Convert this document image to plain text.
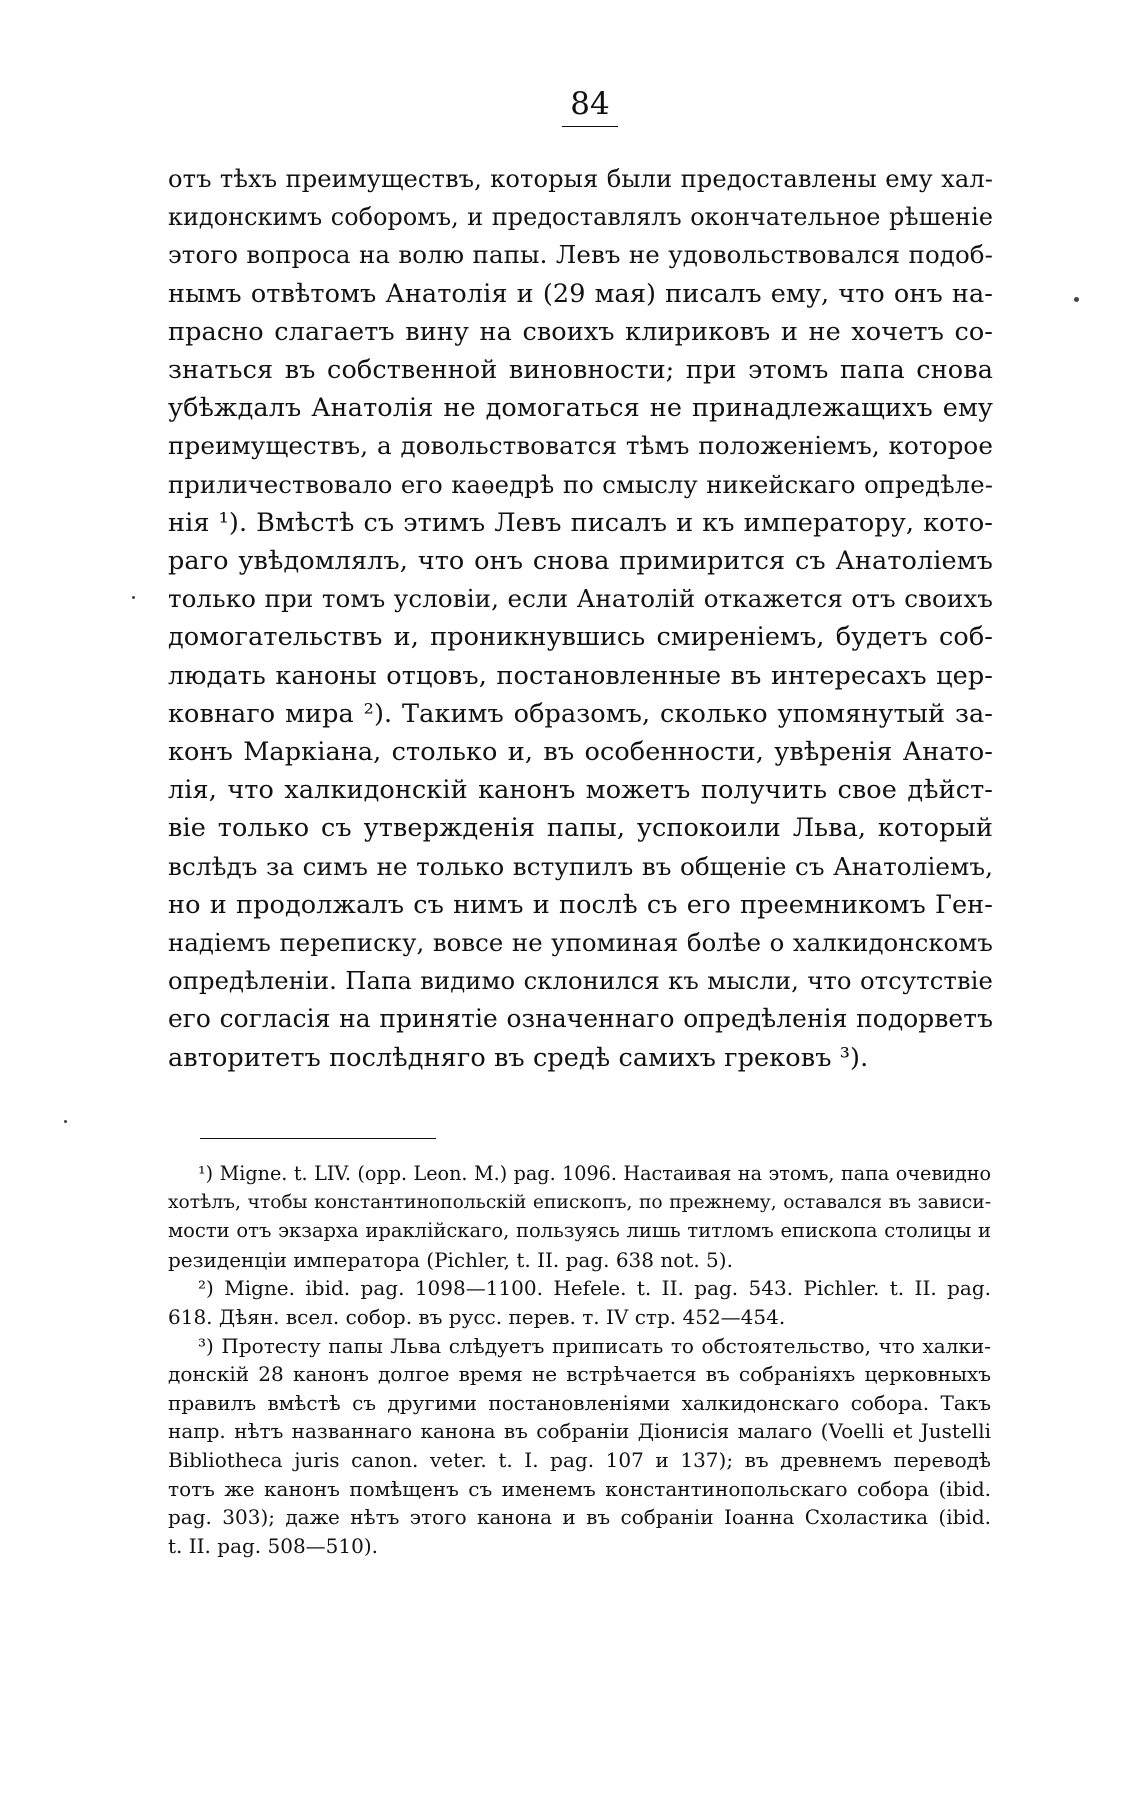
84
отъ тѣхъ преимуществъ, которыя были предоставлены ему хал-
кидонскимъ соборомъ, и предоставлялъ окончательное рѣшеніе
этого вопроса на волю папы. Левъ не удовольствовался подоб-
нымъ отвѣтомъ Анатолія и (29 мая) писалъ ему, что онъ на-
прасно слагаетъ вину на своихъ клириковъ и не хочетъ со-
знаться въ собственной виновности; при этомъ папа снова
убѣждалъ Анатолія не домогаться не принадлежащихъ ему
преимуществъ, а довольствоватся тѣмъ положеніемъ, которое
приличествовало его каѳедрѣ по смыслу никейскаго опредѣле-
нія ¹). Вмѣстѣ съ этимъ Левъ писалъ и къ императору, кото-
раго увѣдомлялъ, что онъ снова примирится съ Анатоліемъ
только при томъ условіи, если Анатолій откажется отъ своихъ
домогательствъ и, проникнувшись смиреніемъ, будетъ соб-
людать каноны отцовъ, постановленные въ интересахъ цер-
ковнаго мира ²). Такимъ образомъ, сколько упомянутый за-
конъ Маркіана, столько и, въ особенности, увѣренія Анато-
лія, что халкидонскій канонъ можетъ получить свое дѣйст-
віе только съ утвержденія папы, успокоили Льва, который
вслѣдъ за симъ не только вступилъ въ общеніе съ Анатоліемъ,
но и продолжалъ съ нимъ и послѣ съ его преемникомъ Ген-
надіемъ переписку, вовсе не упоминая болѣе о халкидонскомъ
опредѣленіи. Папа видимо склонился къ мысли, что отсутствіе
его согласія на принятіе означеннаго опредѣленія подорветъ
авторитетъ послѣдняго въ средѣ самихъ грековъ ³).
¹) Migne. t. LIV. (opp. Leon. M.) pag. 1096. Настаивая на этомъ, папа очевидно
хотѣлъ, чтобы константинопольскій епископъ, по прежнему, оставался въ зависи-
мости отъ экзарха ираклійскаго, пользуясь лишь титломъ епископа столицы и
резиденціи императора (Pichler, t. II. pag. 638 not. 5).
²) Migne. ibid. pag. 1098—1100. Hefele. t. II. pag. 543. Pichler. t. II. pag.
618. Дѣян. всел. собор. въ русс. перев. т. IV стр. 452—454.
³) Протесту папы Льва слѣдуетъ приписать то обстоятельство, что халки-
донскій 28 канонъ долгое время не встрѣчается въ собраніяхъ церковныхъ
правилъ вмѣстѣ съ другими постановленіями халкидонскаго собора. Такъ
напр. нѣтъ названнаго канона въ собраніи Діонисія малаго (Voelli et Justelli
Bibliotheca juris canon. veter. t. I. pag. 107 и 137); въ древнемъ переводѣ
тотъ же канонъ помѣщенъ съ именемъ константинопольскаго собора (ibid.
pag. 303); даже нѣтъ этого канона и въ собраніи Іоанна Схоластика (ibid.
t. II. pag. 508—510).
